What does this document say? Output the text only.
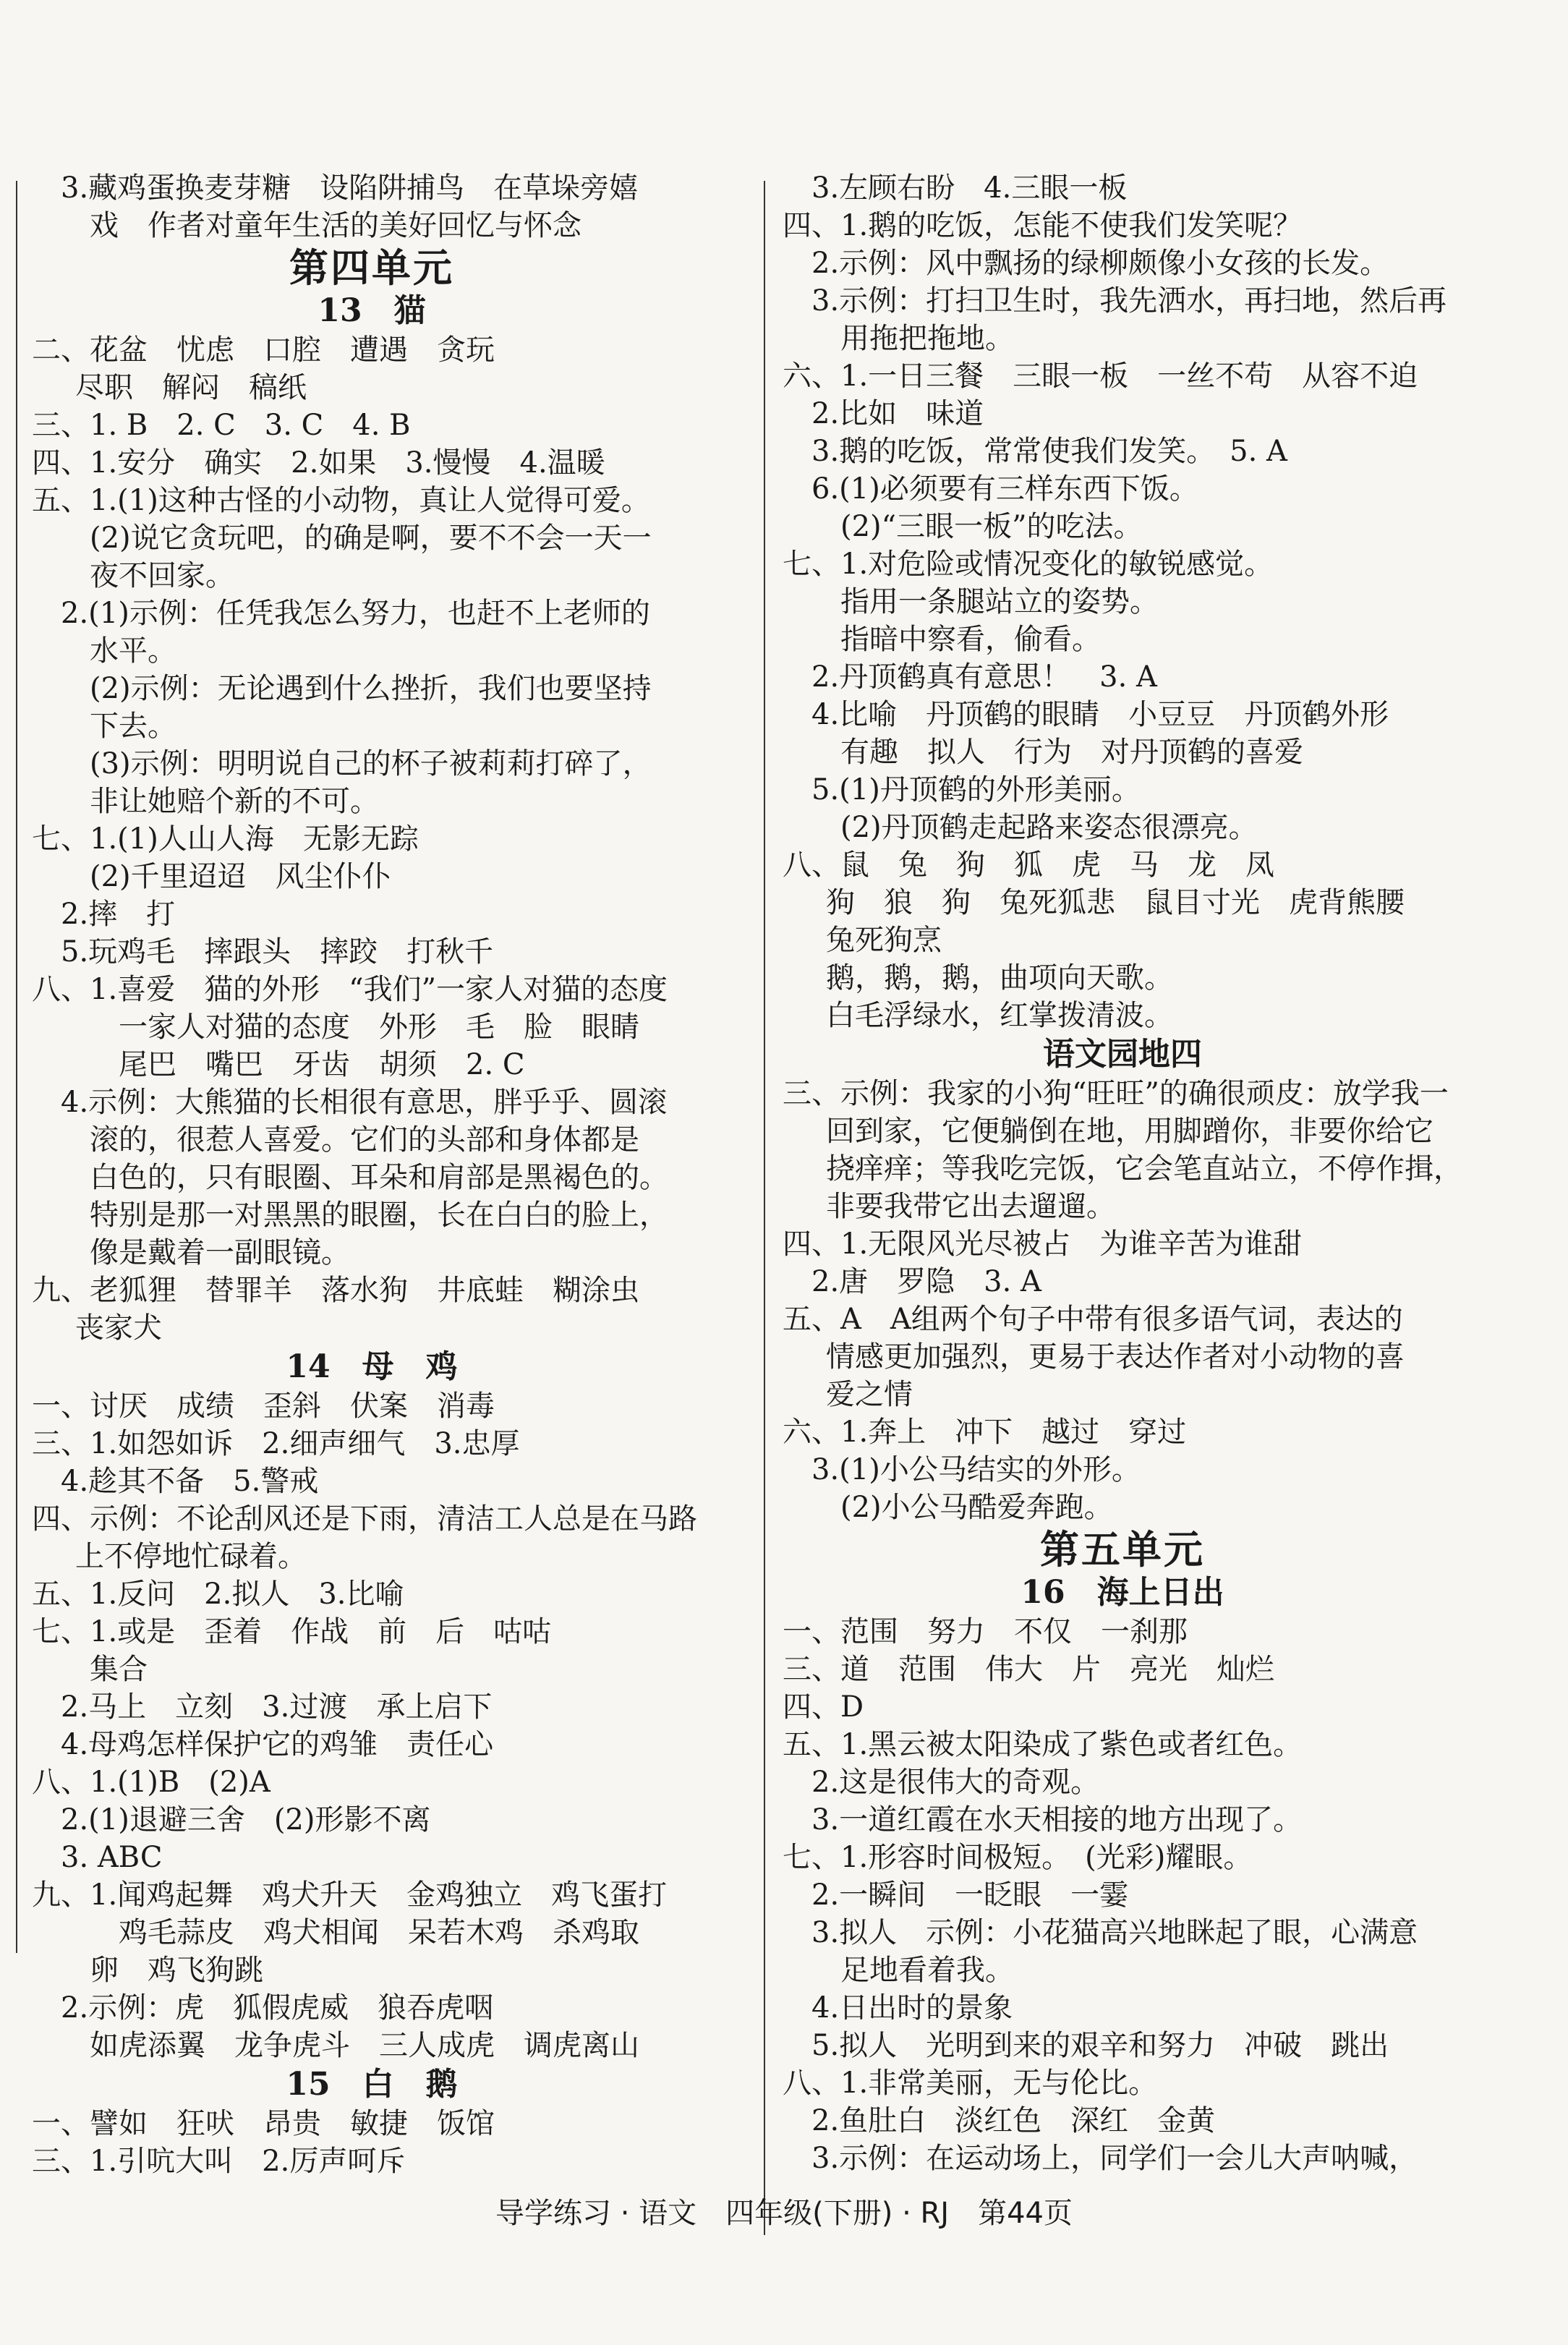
3.藏鸡蛋换麦芽糖　设陷阱捕鸟　在草垛旁嬉
戏　作者对童年生活的美好回忆与怀念
第四单元
13　猫
二、花盆　忧虑　口腔　遭遇　贪玩
尽职　解闷　稿纸
三、1. B　2. C　3. C　4. B
四、1.安分　确实　2.如果　3.慢慢　4.温暖
五、1.(1)这种古怪的小动物，真让人觉得可爱。
(2)说它贪玩吧，的确是啊，要不不会一天一
夜不回家。
2.(1)示例：任凭我怎么努力，也赶不上老师的
水平。
(2)示例：无论遇到什么挫折，我们也要坚持
下去。
(3)示例：明明说自己的杯子被莉莉打碎了，
非让她赔个新的不可。
七、1.(1)人山人海　无影无踪
(2)千里迢迢　风尘仆仆
2.摔　打
5.玩鸡毛　摔跟头　摔跤　打秋千
八、1.喜爱　猫的外形　“我们”一家人对猫的态度
一家人对猫的态度　外形　毛　脸　眼睛
尾巴　嘴巴　牙齿　胡须　2. C
4.示例：大熊猫的长相很有意思，胖乎乎、圆滚
滚的，很惹人喜爱。它们的头部和身体都是
白色的，只有眼圈、耳朵和肩部是黑褐色的。
特别是那一对黑黑的眼圈，长在白白的脸上，
像是戴着一副眼镜。
九、老狐狸　替罪羊　落水狗　井底蛙　糊涂虫
丧家犬
14　母　鸡
一、讨厌　成绩　歪斜　伏案　消毒
三、1.如怨如诉　2.细声细气　3.忠厚
4.趁其不备　5.警戒
四、示例：不论刮风还是下雨，清洁工人总是在马路
上不停地忙碌着。
五、1.反问　2.拟人　3.比喻
七、1.或是　歪着　作战　前　后　咕咕
集合
2.马上　立刻　3.过渡　承上启下
4.母鸡怎样保护它的鸡雏　责任心
八、1.(1)B　(2)A
2.(1)退避三舍　(2)形影不离
3. ABC
九、1.闻鸡起舞　鸡犬升天　金鸡独立　鸡飞蛋打
鸡毛蒜皮　鸡犬相闻　呆若木鸡　杀鸡取
卵　鸡飞狗跳
2.示例：虎　狐假虎威　狼吞虎咽
如虎添翼　龙争虎斗　三人成虎　调虎离山
15　白　鹅
一、譬如　狂吠　昂贵　敏捷　饭馆
三、1.引吭大叫　2.厉声呵斥
3.左顾右盼　4.三眼一板
四、1.鹅的吃饭，怎能不使我们发笑呢？
2.示例：风中飘扬的绿柳颇像小女孩的长发。
3.示例：打扫卫生时，我先洒水，再扫地，然后再
用拖把拖地。
六、1.一日三餐　三眼一板　一丝不苟　从容不迫
2.比如　味道
3.鹅的吃饭，常常使我们发笑。　5. A
6.(1)必须要有三样东西下饭。
(2)“三眼一板”的吃法。
七、1.对危险或情况变化的敏锐感觉。
指用一条腿站立的姿势。
指暗中察看，偷看。
2.丹顶鹤真有意思！　3. A
4.比喻　丹顶鹤的眼睛　小豆豆　丹顶鹤外形
有趣　拟人　行为　对丹顶鹤的喜爱
5.(1)丹顶鹤的外形美丽。
(2)丹顶鹤走起路来姿态很漂亮。
八、鼠　兔　狗　狐　虎　马　龙　凤
狗　狼　狗　兔死狐悲　鼠目寸光　虎背熊腰
兔死狗烹
鹅，鹅，鹅，曲项向天歌。
白毛浮绿水，红掌拨清波。
语文园地四
三、示例：我家的小狗“旺旺”的确很顽皮：放学我一
回到家，它便躺倒在地，用脚蹭你，非要你给它
挠痒痒；等我吃完饭，它会笔直站立，不停作揖，
非要我带它出去遛遛。
四、1.无限风光尽被占　为谁辛苦为谁甜
2.唐　罗隐　3. A
五、A　A组两个句子中带有很多语气词，表达的
情感更加强烈，更易于表达作者对小动物的喜
爱之情
六、1.奔上　冲下　越过　穿过
3.(1)小公马结实的外形。
(2)小公马酷爱奔跑。
第五单元
16　海上日出
一、范围　努力　不仅　一刹那
三、道　范围　伟大　片　亮光　灿烂
四、D
五、1.黑云被太阳染成了紫色或者红色。
2.这是很伟大的奇观。
3.一道红霞在水天相接的地方出现了。
七、1.形容时间极短。　(光彩)耀眼。
2.一瞬间　一眨眼　一霎
3.拟人　示例：小花猫高兴地眯起了眼，心满意
足地看着我。
4.日出时的景象
5.拟人　光明到来的艰辛和努力　冲破　跳出
八、1.非常美丽，无与伦比。
2.鱼肚白　淡红色　深红　金黄
3.示例：在运动场上，同学们一会儿大声呐喊，
导学练习 · 语文　四年级(下册) · RJ　第44页
